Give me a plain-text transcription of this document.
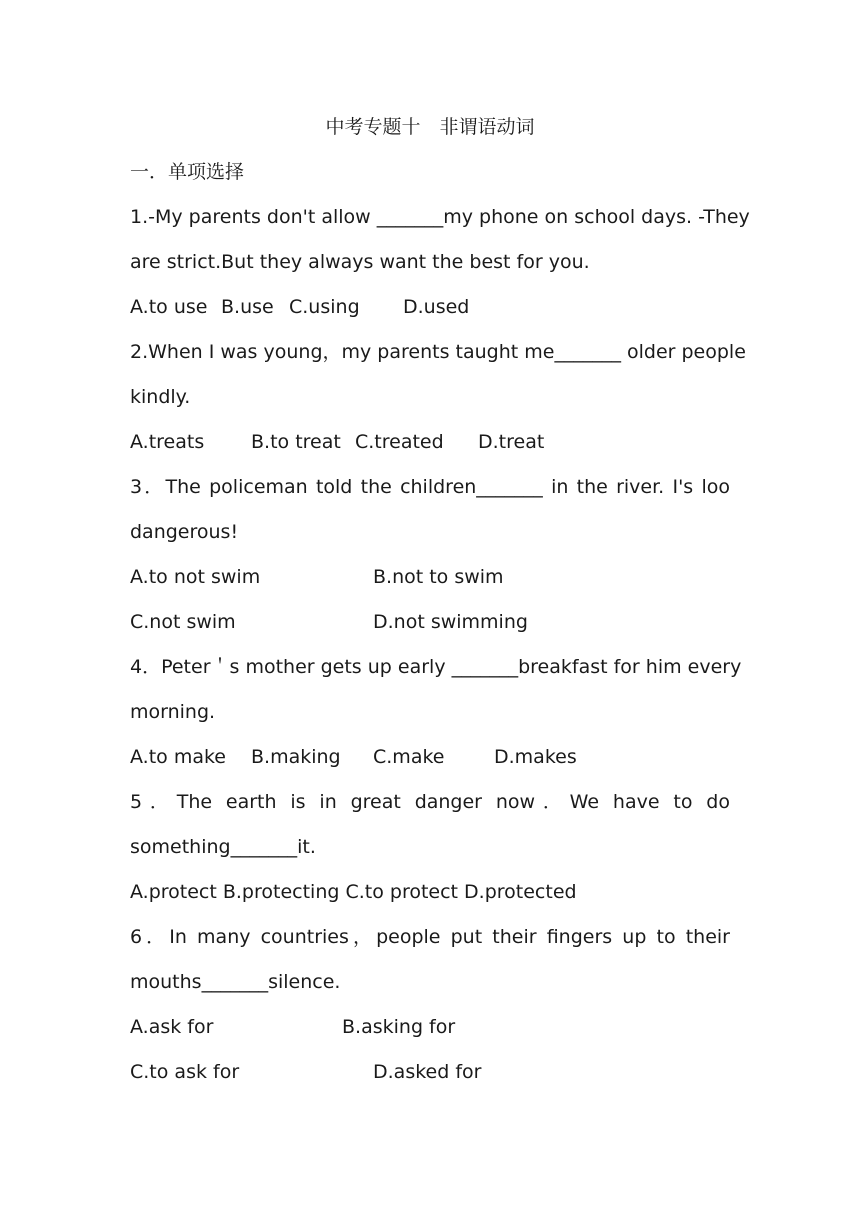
中考专题十　非谓语动词
一．单项选择
1.-My parents don't allow _______my phone on school days. -They
are strict.But they always want the best for you.
A.to use B.use C.using D.used
2.When I was young，my parents taught me_______ older people
kindly.
A.treats B.to treat C.treated D.treat
3．The policeman told the children_______ in the river. I's loo
dangerous!
A.to not swim	B.not to swim
C.not swim	D.not swimming
4．Peter＇s mother gets up early _______breakfast for him every
morning.
A.to make B.making C.make	D.makes
5．The earth is in great danger now．We have to do
something_______it.
A.protect B.protecting C.to protect D.protected
6．In many countries，people put their fingers up to their
mouths_______silence.
A.ask for	B.asking for
C.to ask for	D.asked for
